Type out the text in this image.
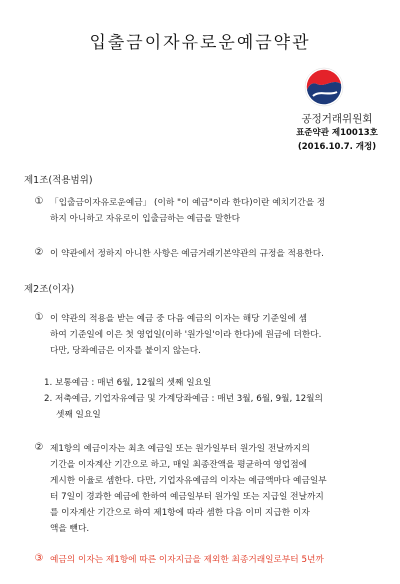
입출금이자유로운예금약관
공정거래위원회
표준약관 제10013호
(2016.10.7. 개정)
제1조(적용범위)
① 「입출금이자유로운예금」 (이하 "이 예금"이라 한다)이란 예치기간을 정
하지 아니하고 자유로이 입출금하는 예금을 말한다
② 이 약관에서 정하지 아니한 사항은 예금거래기본약관의 규정을 적용한다.
제2조(이자)
① 이 약관의 적용을 받는 예금 중 다음 예금의 이자는 해당 기준일에 셈
하여 기준일에 이은 첫 영업일(이하 '원가일'이라 한다)에 원금에 더한다.
다만, 당좌예금은 이자를 붙이지 않는다.
1. 보통예금 : 매년 6월, 12월의 셋째 일요일
2. 저축예금, 기업자유예금 및 가계당좌예금 : 매년 3월, 6월, 9월, 12월의
셋째 일요일
② 제1항의 예금이자는 최초 예금일 또는 원가일부터 원가일 전날까지의
기간을 이자계산 기간으로 하고, 매일 최종잔액을 평균하여 영업점에
게시한 이율로 셈한다. 다만, 기업자유예금의 이자는 예금액마다 예금일부
터 7일이 경과한 예금에 한하여 예금일부터 원가일 또는 지급일 전날까지
를 이자계산 기간으로 하여 제1항에 따라 셈한 다음 이미 지급한 이자
액을 뺀다.
③ 예금의 이자는 제1항에 따른 이자지급을 제외한 최종거래일로부터 5년까
